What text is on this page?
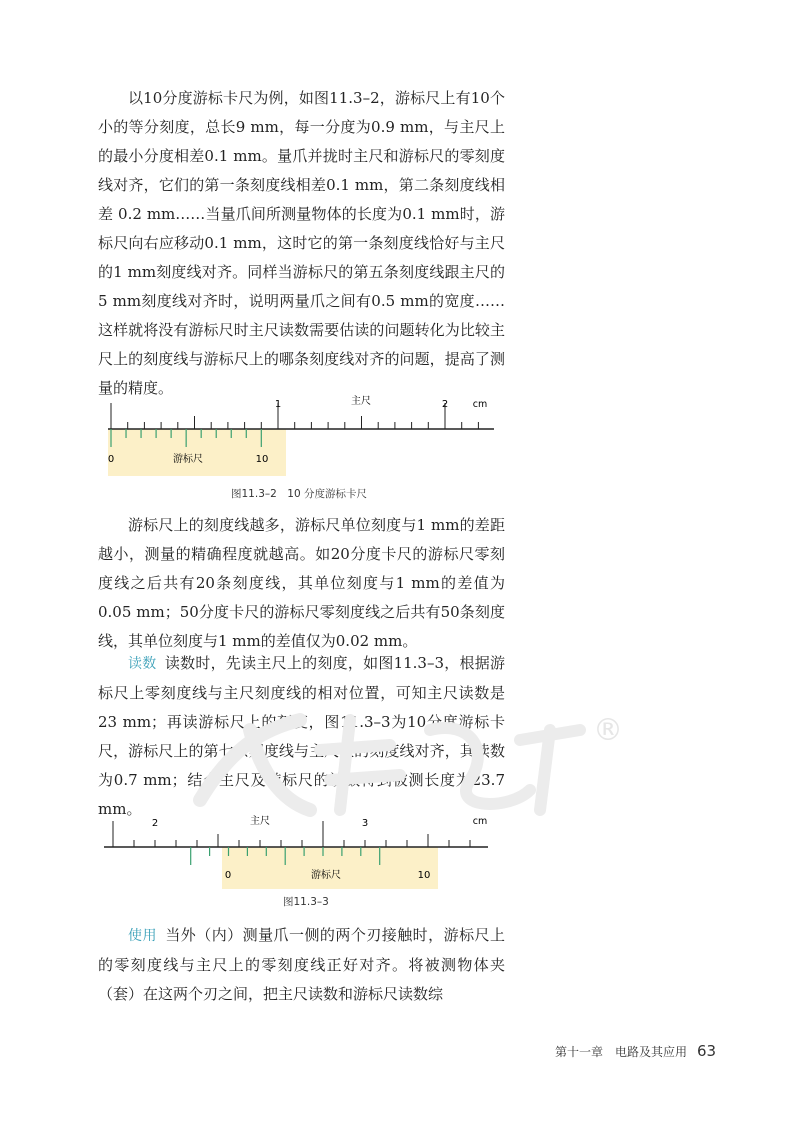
以10分度游标卡尺为例，如图11.3–2，游标尺上有10个小的等分刻度，总长9 mm，每一分度为0.9 mm，与主尺上的最小分度相差0.1 mm。量爪并拢时主尺和游标尺的零刻度线对齐，它们的第一条刻度线相差0.1 mm，第二条刻度线相差 0.2 mm……当量爪间所测量物体的长度为0.1 mm时，游标尺向右应移动0.1 mm，这时它的第一条刻度线恰好与主尺的1 mm刻度线对齐。同样当游标尺的第五条刻度线跟主尺的5 mm刻度线对齐时，说明两量爪之间有0.5 mm的宽度……这样就将没有游标尺时主尺读数需要估读的问题转化为比较主尺上的刻度线与游标尺上的哪条刻度线对齐的问题，提高了测量的精度。

1	2
主尺	cm
0	10
游标尺
图11.3–2　10 分度游标卡尺

游标尺上的刻度线越多，游标尺单位刻度与1 mm的差距越小，测量的精确程度就越高。如20分度卡尺的游标尺零刻度线之后共有20条刻度线，其单位刻度与1 mm的差值为0.05 mm；50分度卡尺的游标尺零刻度线之后共有50条刻度线，其单位刻度与1 mm的差值仅为0.02 mm。

读数 读数时，先读主尺上的刻度，如图11.3–3，根据游标尺上零刻度线与主尺刻度线的相对位置，可知主尺读数是23 mm；再读游标尺上的刻度，图11.3–3为10分度游标卡尺，游标尺上的第七条刻度线与主尺上的刻度线对齐，其读数为0.7 mm；结合主尺及游标尺的读数得到被测长度为23.7 mm。

®
2	3
主尺	cm
0	10
游标尺
图11.3–3

使用 当外（内）测量爪一侧的两个刃接触时，游标尺上的零刻度线与主尺上的零刻度线正好对齐。将被测物体夹（套）在这两个刃之间，把主尺读数和游标尺读数综

第十一章　电路及其应用 63
